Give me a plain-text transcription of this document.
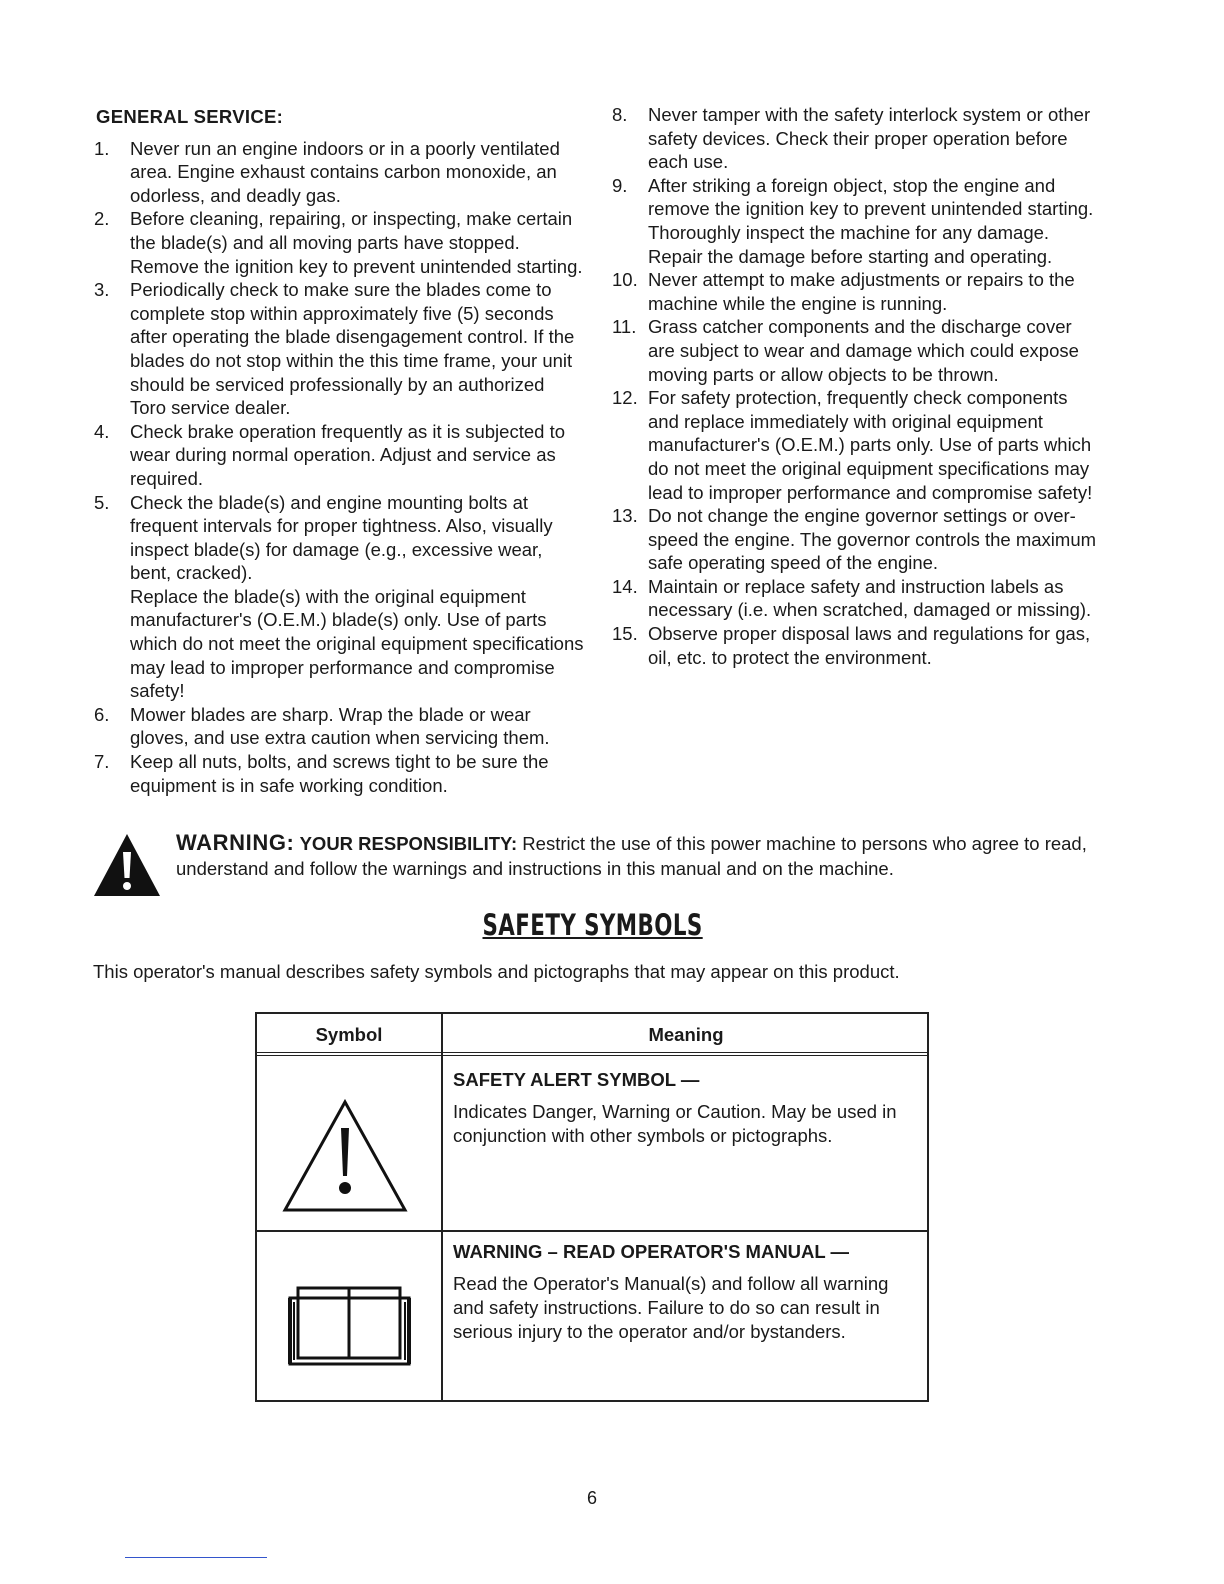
GENERAL SERVICE:
1.	Never run an engine indoors or in a poorly ventilated area. Engine exhaust contains carbon monoxide, an odorless, and deadly gas.
2.	Before cleaning, repairing, or inspecting, make certain the blade(s) and all moving parts have stopped. Remove the ignition key to prevent unintended starting.
3.	Periodically check to make sure the blades come to complete stop within approximately five (5) seconds after operating the blade disengagement control. If the blades do not stop within the this time frame, your unit should be serviced professionally by an authorized Toro service dealer.
4.	Check brake operation frequently as it is subjected to wear during normal operation. Adjust and service as required.
5.	Check the blade(s) and engine mounting bolts at frequent intervals for proper tightness. Also, visually inspect blade(s) for damage (e.g., excessive wear, bent, cracked).
Replace the blade(s) with the original equipment manufacturer's (O.E.M.) blade(s) only. Use of parts which do not meet the original equipment specifications may lead to improper performance and compromise safety!
6.	Mower blades are sharp. Wrap the blade or wear gloves, and use extra caution when servicing them.
7.	Keep all nuts, bolts, and screws tight to be sure the equipment is in safe working condition.
8.	Never tamper with the safety interlock system or other safety devices. Check their proper operation before each use.
9.	After striking a foreign object, stop the engine and remove the ignition key to prevent unintended starting. Thoroughly inspect the machine for any damage. Repair the damage before starting and operating.
10. Never attempt to make adjustments or repairs to the machine while the engine is running.
11. Grass catcher components and the discharge cover are subject to wear and damage which could expose moving parts or allow objects to be thrown.
12. For safety protection, frequently check components and replace immediately with original equipment manufacturer's (O.E.M.) parts only. Use of parts which do not meet the original equipment specifications may lead to improper performance and compromise safety!
13. Do not change the engine governor settings or over-speed the engine. The governor controls the maximum safe operating speed of the engine.
14. Maintain or replace safety and instruction labels as necessary (i.e. when scratched, damaged or missing).
15. Observe proper disposal laws and regulations for gas, oil, etc. to protect the environment.
WARNING: YOUR RESPONSIBILITY: Restrict the use of this power machine to persons who agree to read, understand and follow the warnings and instructions in this manual and on the machine.
SAFETY SYMBOLS
This operator's manual describes safety symbols and pictographs that may appear on this product.
Symbol	Meaning
SAFETY ALERT SYMBOL —
Indicates Danger, Warning or Caution. May be used in conjunction with other symbols or pictographs.
WARNING – READ OPERATOR'S MANUAL —
Read the Operator's Manual(s) and follow all warning and safety instructions. Failure to do so can result in serious injury to the operator and/or bystanders.
6
